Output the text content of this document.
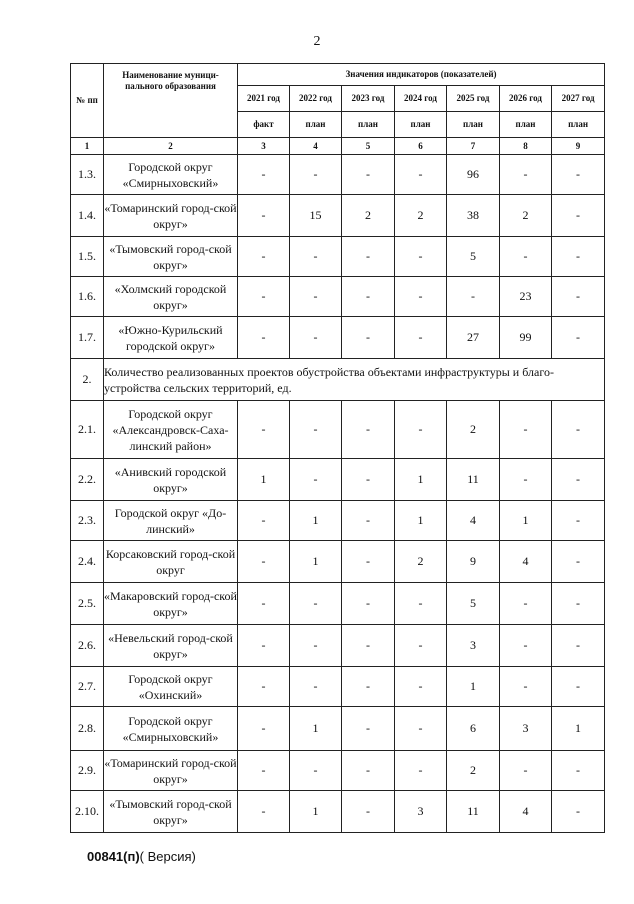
2
№ пп	Наименование муници-пального образования	Значения индикаторов (показателей)						
		2021 год	2022 год	2023 год	2024 год	2025 год	2026 год	2027 год
		факт	план	план	план	план	план	план
1	2	3	4	5	6	7	8	9
1.3.	Городской округ «Смирныховский»	-	-	-	-	96	-	-
1.4.	«Томаринский город-ской округ»	-	15	2	2	38	2	-
1.5.	«Тымовский город-ской округ»	-	-	-	-	5	-	-
1.6.	«Холмский городской округ»	-	-	-	-	-	23	-
1.7.	«Южно-Курильский городской округ»	-	-	-	-	27	99	-
2.	Количество реализованных проектов обустройства объектами инфраструктуры и благо-устройства сельских территорий, ед.							
2.1.	Городской округ «Александровск-Саха-линский район»	-	-	-	-	2	-	-
2.2.	«Анивский городской округ»	1	-	-	1	11	-	-
2.3.	Городской округ «До-линский»	-	1	-	1	4	1	-
2.4.	Корсаковский город-ской округ	-	1	-	2	9	4	-
2.5.	«Макаровский город-ской округ»	-	-	-	-	5	-	-
2.6.	«Невельский город-ской округ»	-	-	-	-	3	-	-
2.7.	Городской округ «Охинский»	-	-	-	-	1	-	-
2.8.	Городской округ «Смирныховский»	-	1	-	-	6	3	1
2.9.	«Томаринский город-ской округ»	-	-	-	-	2	-	-
2.10.	«Тымовский город-ской округ»	-	1	-	3	11	4	-
00841(п)( Версия)
